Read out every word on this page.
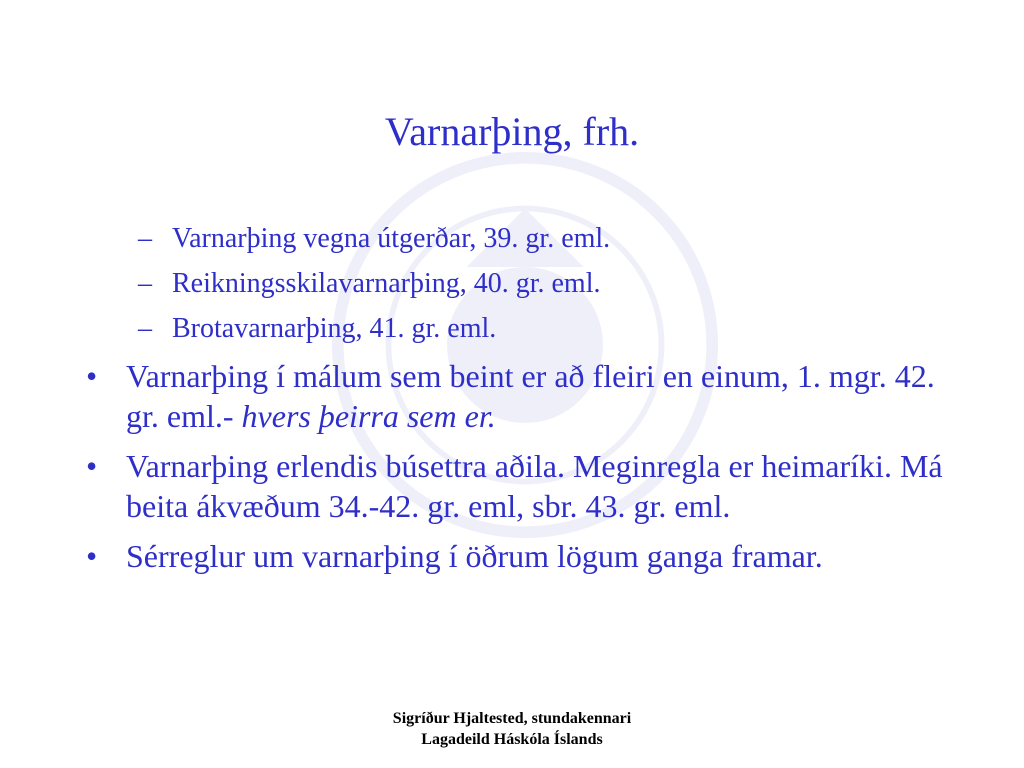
Varnarþing, frh.
– Varnarþing vegna útgerðar, 39. gr. eml.
– Reikningsskilavarnarþing, 40. gr. eml.
– Brotavarnarþing, 41. gr. eml.
• Varnarþing í málum sem beint er að fleiri en einum, 1. mgr. 42. gr. eml.- hvers þeirra sem er.
• Varnarþing erlendis búsettra aðila. Meginregla er heimaríki. Má beita ákvæðum 34.-42. gr. eml, sbr. 43. gr. eml.
• Sérreglur um varnarþing í öðrum lögum ganga framar.
Sigríður Hjaltested, stundakennari
Lagadeild Háskóla Íslands
